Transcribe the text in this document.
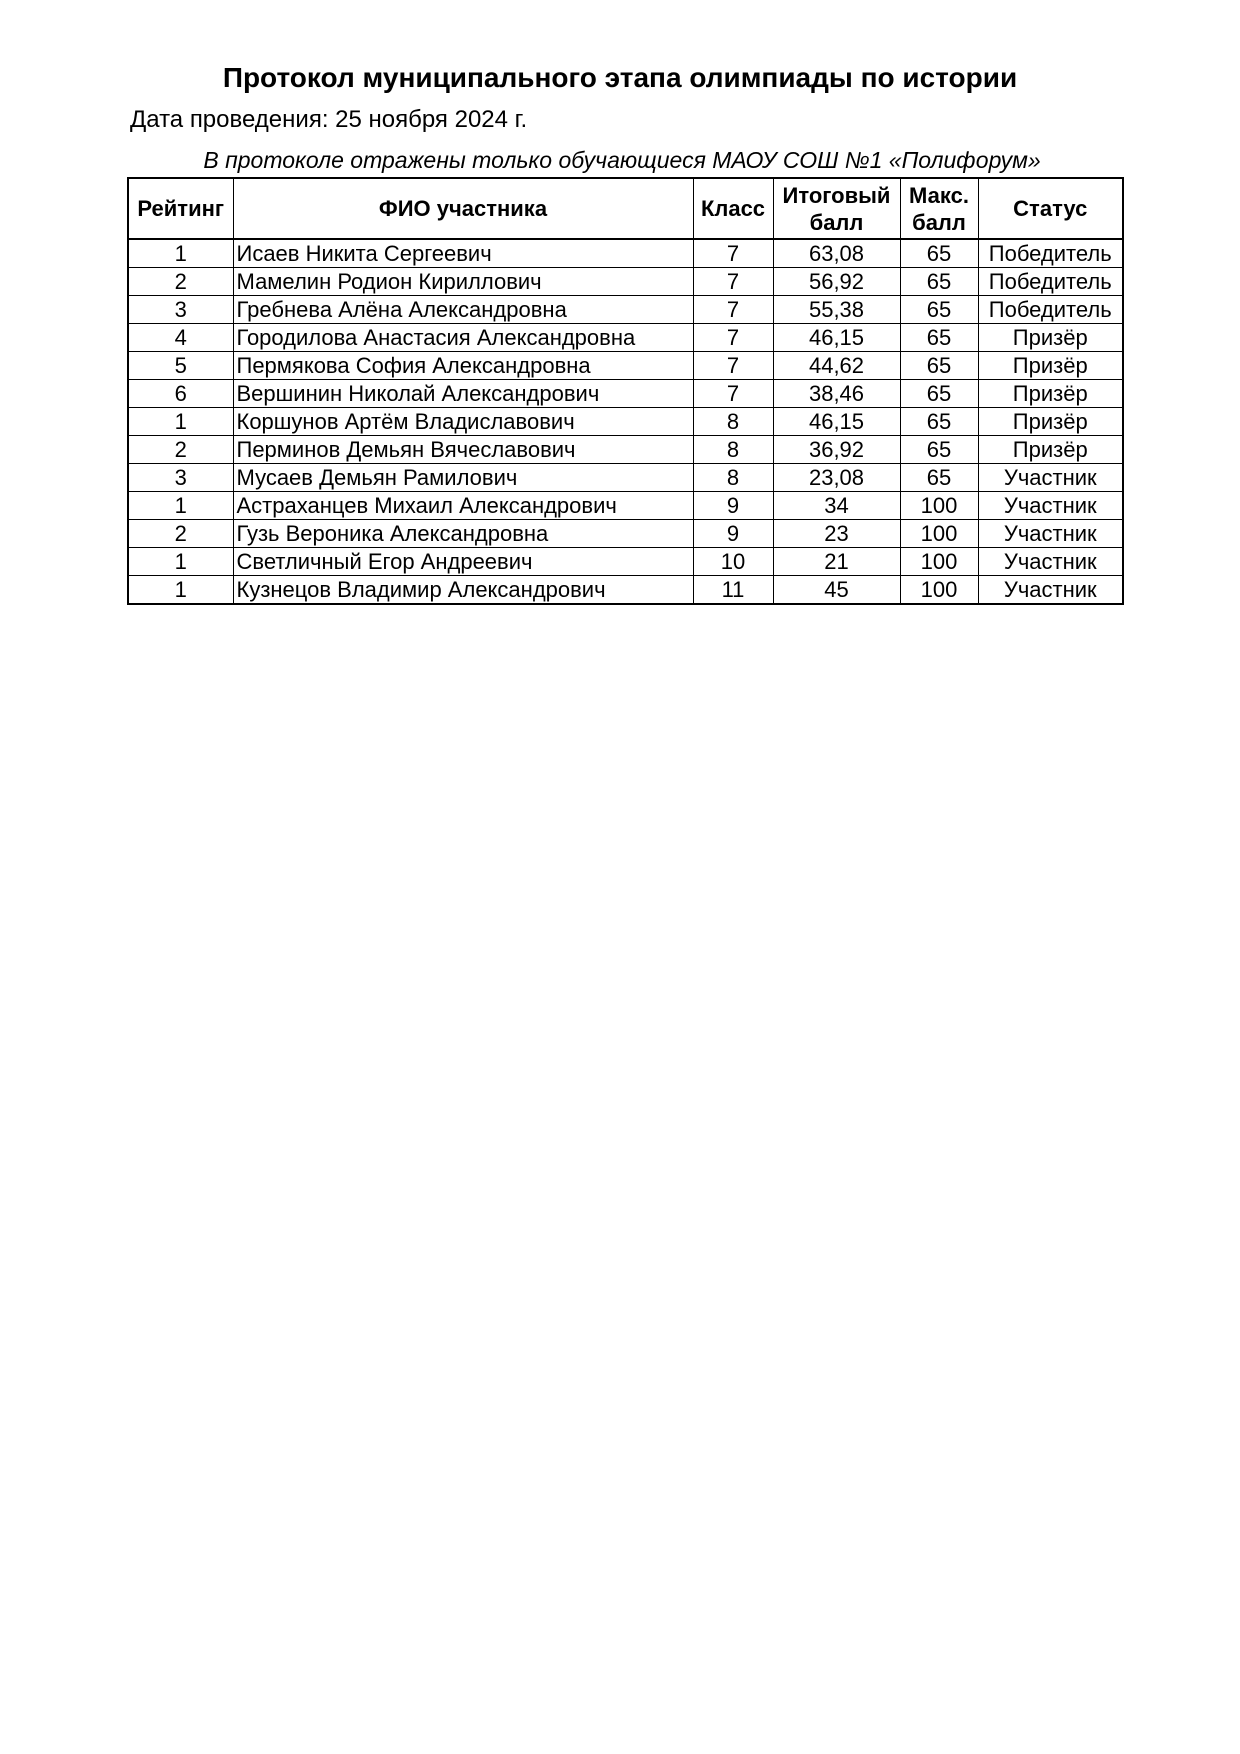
Протокол муниципального этапа олимпиады по истории
Дата проведения: 25 ноября 2024 г.
В протоколе отражены только обучающиеся МАОУ СОШ №1 «Полифорум»
Рейтинг	ФИО участника	Класс	Итоговый балл	Макс. балл	Статус
1	Исаев Никита Сергеевич	7	63,08	65	Победитель
2	Мамелин Родион Кириллович	7	56,92	65	Победитель
3	Гребнева Алёна Александровна	7	55,38	65	Победитель
4	Городилова Анастасия Александровна	7	46,15	65	Призёр
5	Пермякова София Александровна	7	44,62	65	Призёр
6	Вершинин Николай Александрович	7	38,46	65	Призёр
1	Коршунов Артём Владиславович	8	46,15	65	Призёр
2	Перминов Демьян Вячеславович	8	36,92	65	Призёр
3	Мусаев Демьян Рамилович	8	23,08	65	Участник
1	Астраханцев Михаил Александрович	9	34	100	Участник
2	Гузь Вероника Александровна	9	23	100	Участник
1	Светличный Егор Андреевич	10	21	100	Участник
1	Кузнецов Владимир Александрович	11	45	100	Участник
